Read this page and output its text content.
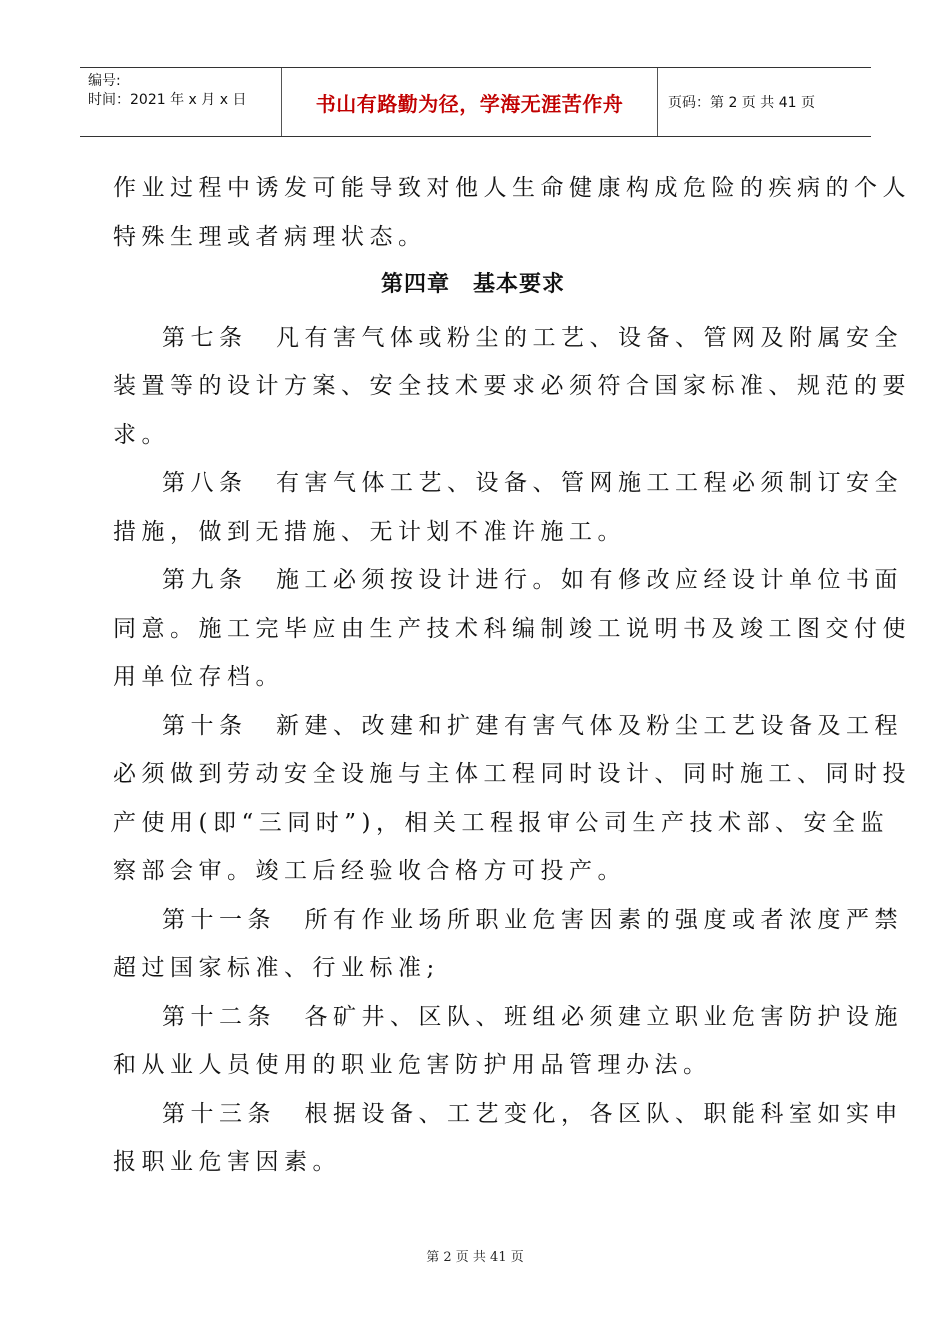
编号:
时间：2021 年 x 月 x 日	书山有路勤为径，学海无涯苦作舟	页码：第 2 页 共 41 页
作业过程中诱发可能导致对他人生命健康构成危险的疾病的个人
特殊生理或者病理状态。
第四章　基本要求
第七条　凡有害气体或粉尘的工艺、设备、管网及附属安全
装置等的设计方案、安全技术要求必须符合国家标准、规范的要
求。
第八条　有害气体工艺、设备、管网施工工程必须制订安全
措施，做到无措施、无计划不准许施工。
第九条　施工必须按设计进行。如有修改应经设计单位书面
同意。施工完毕应由生产技术科编制竣工说明书及竣工图交付使
用单位存档。
第十条　新建、改建和扩建有害气体及粉尘工艺设备及工程
必须做到劳动安全设施与主体工程同时设计、同时施工、同时投
产使用(即“三同时”)，相关工程报审公司生产技术部、安全监
察部会审。竣工后经验收合格方可投产。
第十一条　所有作业场所职业危害因素的强度或者浓度严禁
超过国家标准、行业标准;
第十二条　各矿井、区队、班组必须建立职业危害防护设施
和从业人员使用的职业危害防护用品管理办法。
第十三条　根据设备、工艺变化，各区队、职能科室如实申
报职业危害因素。
第 2 页 共 41 页
